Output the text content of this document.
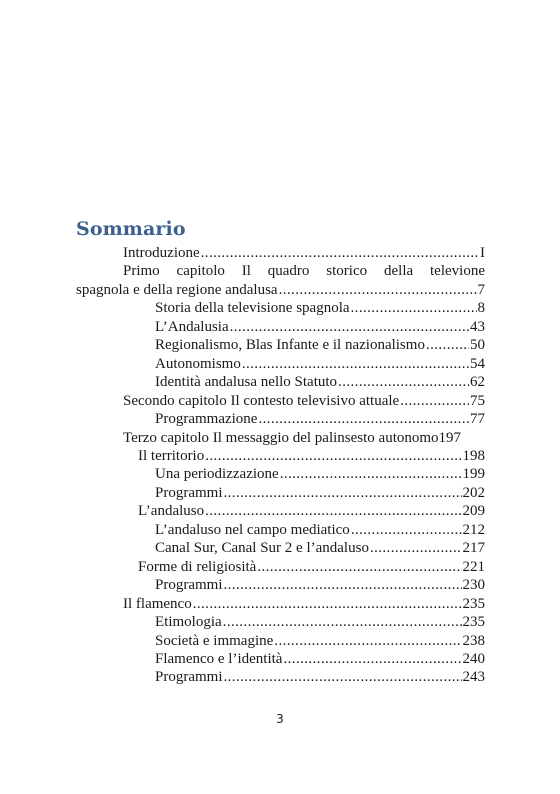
Sommario
Introduzione .....	I
Primo capitolo Il quadro storico della televione
spagnola e della regione andalusa .....	7
Storia della televisione spagnola .....	8
L’Andalusia .....	43
Regionalismo, Blas Infante e il nazionalismo .....	50
Autonomismo .....	54
Identità andalusa nello Statuto .....	62
Secondo capitolo Il contesto televisivo attuale .....	75
Programmazione .....	77
Terzo capitolo Il messaggio del palinsesto autonomo 197
Il territorio .....	198
Una periodizzazione .....	199
Programmi .....	202
L’andaluso .....	209
L’andaluso nel campo mediatico .....	212
Canal Sur, Canal Sur 2 e l’andaluso .....	217
Forme di religiosità .....	221
Programmi .....	230
Il flamenco .....	235
Etimologia .....	235
Società e immagine .....	238
Flamenco e l’identità .....	240
Programmi .....	243
3
